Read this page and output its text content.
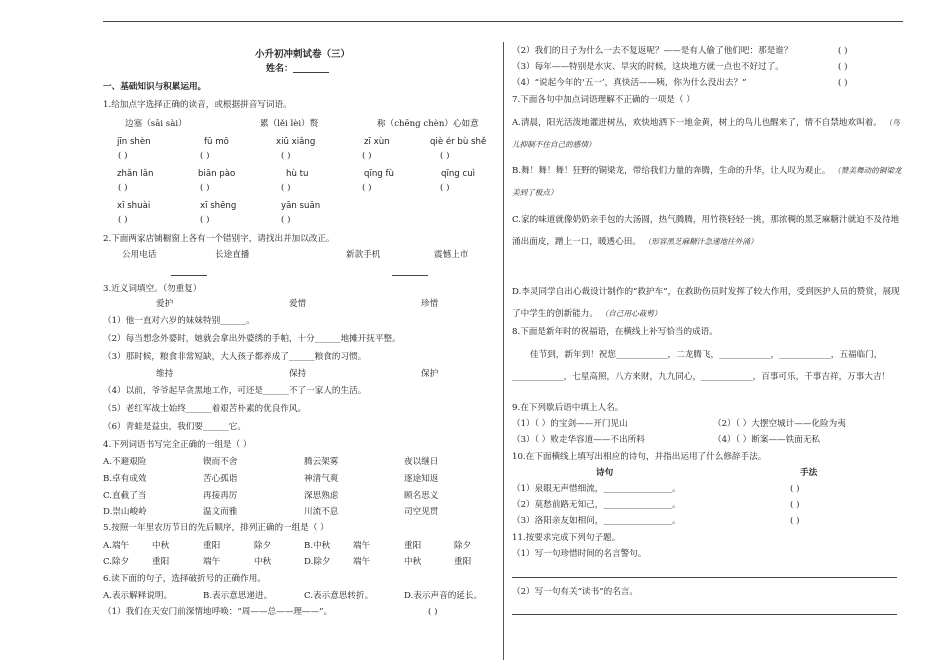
小升初冲刺试卷（三）
姓名：________
一、基础知识与积累运用。
1.给加点字选择正确的读音，或根据拼音写词语。
边塞（sāi sài）	累（lěi lèi）赘	称（chēng chèn）心如意
jīn shèn	fū mō	xiū xiǎng	zī xùn	qiè ér bù shě
( )	( )	( )	( )	( )
zhǎn lǎn	biān pào	hù tu	qīng fù	qīng cuì
( )	( )	( )	( )	( )
xī shuài	xī shēng	yān suān
( )	( )	( )
2.下面两家店铺橱窗上各有一个错别字，请找出并加以改正。
公用电话	长途直播	新款手机	震憾上市
3.近义词填空。（勿重复）
爱护	爱惜	珍惜
（1）他一直对六岁的妹妹特别______。
（2）每当想念外婆时，她就会拿出外婆绣的手帕，十分______地摊开抚平整。
（3）那时候，粮食非常短缺，大人孩子都养成了______粮食的习惯。
维持	保持	保护
（4）以前，爷爷起早贪黑地工作，可还是______不了一家人的生活。
（5）老红军战士始终______着艰苦朴素的优良作风。
（6）青蛙是益虫，我们要______它。
4.下列词语书写完全正确的一组是（ ）
A.不避艰险	锲而不舍	腾云架雾	夜以继日
B.卓有成效	苦心孤诣	神清气爽	逐途知返
C.直截了当	再接再厉	深思熟虑	顾名思义
D.崇山峻岭	温文而雅	川流不息	司空见贯
5.按照一年里农历节日的先后顺序，排列正确的一组是（ ）
A.端午	中秋	重阳	除夕	B.中秋	端午	重阳	除夕
C.除夕	重阳	端午	中秋	D.除夕	端午	中秋	重阳
6.读下面的句子，选择破折号的正确作用。
A.表示解释说明。	B.表示意思递进。	C.表示意思转折。	D.表示声音的延长。
（1）我们在天安门前深情地呼唤：“周——总——理——”。	( )
（2）我们的日子为什么一去不复返呢？——是有人偷了他们吧：那是谁？	( )
（3）每年——特别是水灾、旱灾的时候，这块地方就一点也不好过了。	( )
（4）“说起今年的‘五一’，真快活——咦，你为什么没出去？”	( )
7.下面各句中加点词语理解不正确的一项是（ ）
A.清晨，阳光活泼地灌进树丛，欢快地洒下一地金黄，树上的鸟儿也醒来了，情不自禁地欢叫着。 （鸟儿抑制不住自己的感情）
B.舞！舞！舞！狂野的铜梁龙，带给我们力量的奔腾，生命的升华，让人叹为观止。 （赞美舞动的铜梁龙美到了极点）
C.家的味道就像奶奶亲手包的大汤圆，热气腾腾，用竹筷轻轻一挑，那浓稠的黑芝麻糖汁就迫不及待地涌出面皮，蹭上一口，暖透心田。 （形容黑芝麻糖汁急速地往外涌）
D.李灵同学自出心裁设计制作的“救护车”，在救助伤员时发挥了较大作用，受到医护人员的赞赏，展现了中学生的创新能力。 （自己用心裁剪）
8.下面是新年时的祝福语，在横线上补写恰当的成语。
佳节到，新年到！祝您____________，二龙腾飞，____________，____________，五福临门，____________，七星高照，八方来财，九九同心，____________，百事可乐，千事吉祥，万事大吉！
9.在下列歇后语中填上人名。
（1）（ ）的宝剑——开门见山	（2）（ ）大摆空城计——化险为夷
（3）（ ）败走华容道——不出所料	（4）（ ）断案——铁面无私
10.在下面横线上填写出相应的诗句，并指出运用了什么修辞手法。
诗句	手法
（1）泉眼无声惜细流，________________。	( )
（2）莫愁前路无知己，________________。	( )
（3）洛阳亲友如相问，________________。	( )
11.按要求完成下列句子题。
（1）写一句珍惜时间的名言警句。
（2）写一句有关“读书”的名言。
